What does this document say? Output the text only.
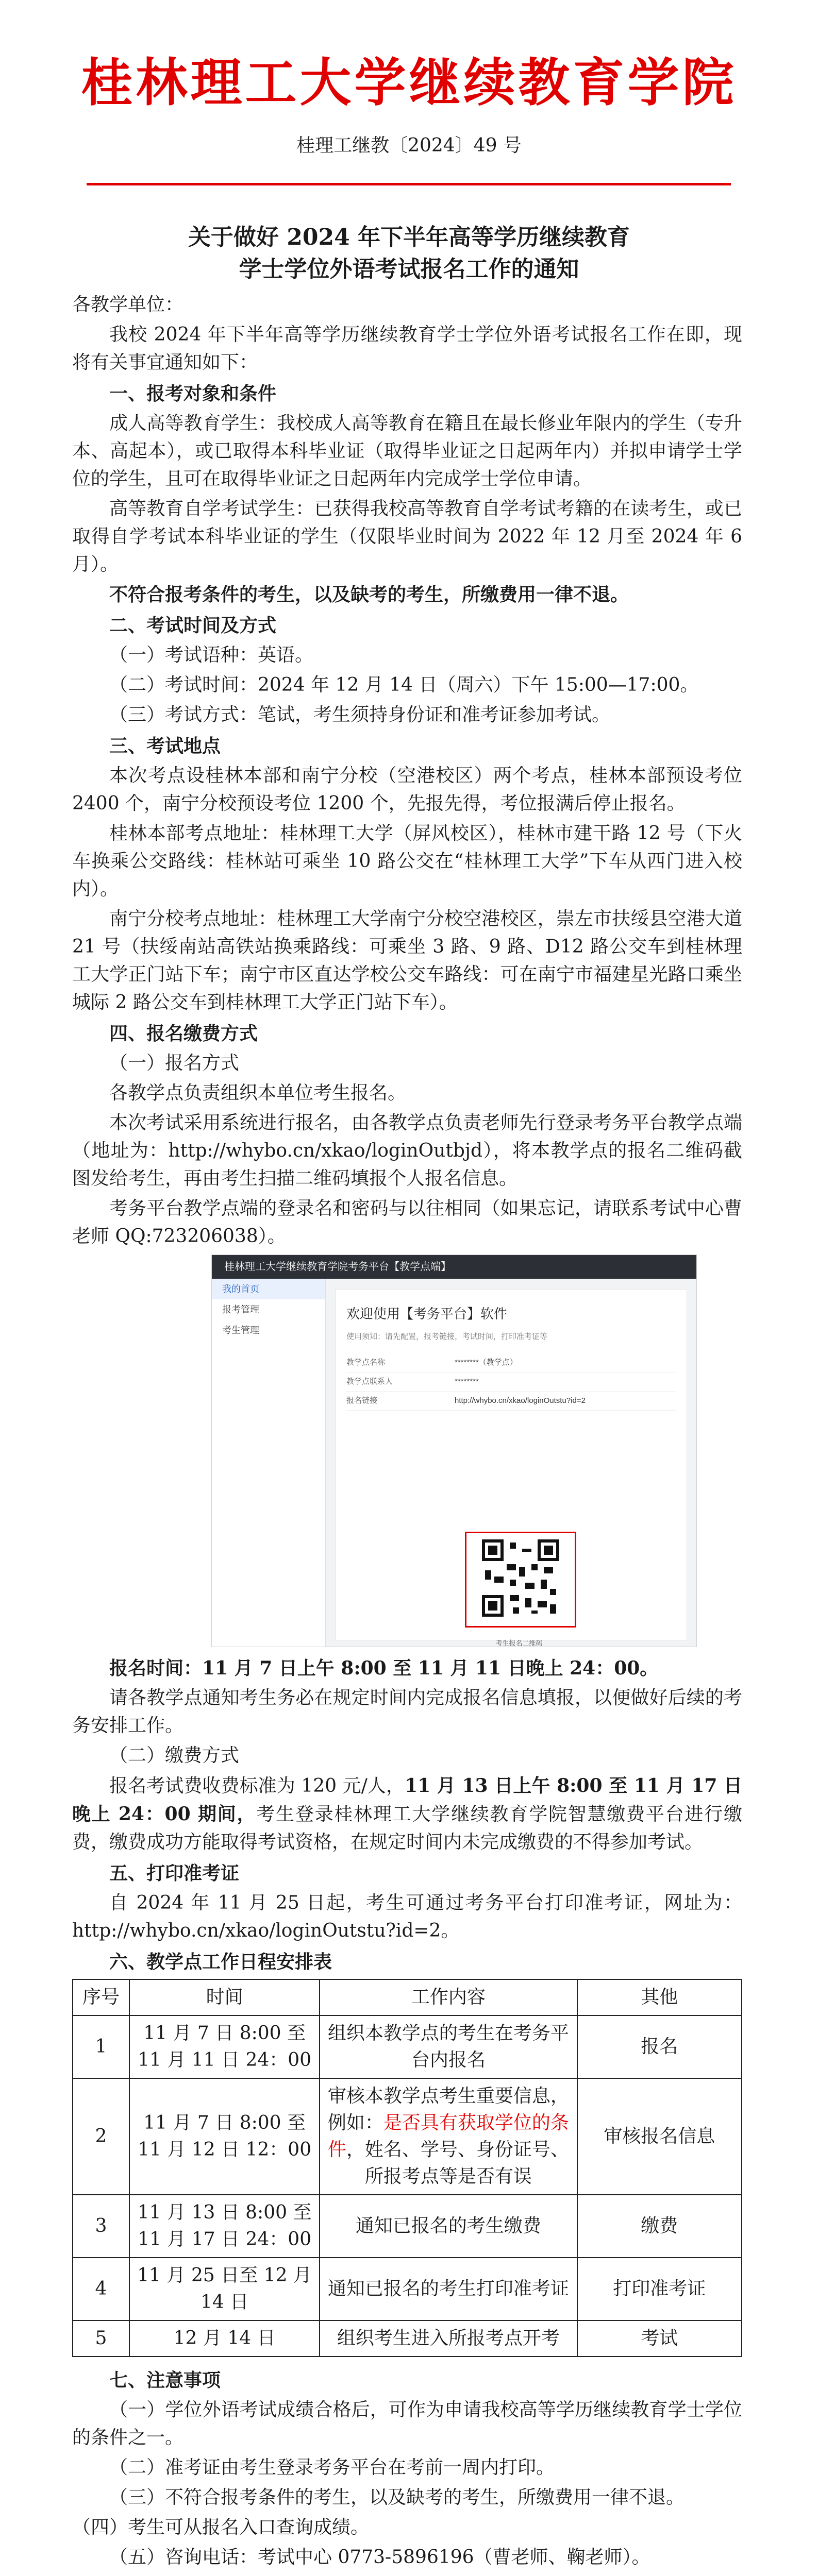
桂林理工大学继续教育学院
桂理工继教〔2024〕49 号
关于做好 2024 年下半年高等学历继续教育
学士学位外语考试报名工作的通知

各教学单位：

我校 2024 年下半年高等学历继续教育学士学位外语考试报名工作在即，现将有关事宜通知如下：

一、报考对象和条件

成人高等教育学生：我校成人高等教育在籍且在最长修业年限内的学生（专升本、高起本），或已取得本科毕业证（取得毕业证之日起两年内）并拟申请学士学位的学生，且可在取得毕业证之日起两年内完成学士学位申请。

高等教育自学考试学生：已获得我校高等教育自学考试考籍的在读考生，或已取得自学考试本科毕业证的学生（仅限毕业时间为 2022 年 12 月至 2024 年 6 月）。

不符合报考条件的考生，以及缺考的考生，所缴费用一律不退。

二、考试时间及方式

（一）考试语种：英语。

（二）考试时间：2024 年 12 月 14 日（周六）下午 15:00—17:00。

（三）考试方式：笔试，考生须持身份证和准考证参加考试。

三、考试地点

本次考点设桂林本部和南宁分校（空港校区）两个考点，桂林本部预设考位 2400 个，南宁分校预设考位 1200 个，先报先得，考位报满后停止报名。

桂林本部考点地址：桂林理工大学（屏风校区），桂林市建干路 12 号（下火车换乘公交路线：桂林站可乘坐 10 路公交在“桂林理工大学”下车从西门进入校内）。

南宁分校考点地址：桂林理工大学南宁分校空港校区，崇左市扶绥县空港大道 21 号（扶绥南站高铁站换乘路线：可乘坐 3 路、9 路、D12 路公交车到桂林理工大学正门站下车；南宁市区直达学校公交车路线：可在南宁市福建星光路口乘坐城际 2 路公交车到桂林理工大学正门站下车）。

四、报名缴费方式

（一）报名方式

各教学点负责组织本单位考生报名。

本次考试采用系统进行报名，由各教学点负责老师先行登录考务平台教学点端（地址为：http://whybo.cn/xkao/loginOutbjd），将本教学点的报名二维码截图发给考生，再由考生扫描二维码填报个人报名信息。

考务平台教学点端的登录名和密码与以往相同（如果忘记，请联系考试中心曹老师 QQ:723206038）。

桂林理工大学继续教育学院考务平台【教学点端】
我的首页
报考管理
考生管理
欢迎使用【考务平台】软件
使用须知：请先配置，报考链接，考试时间，打印准考证等
教学点名称	********（教学点）
教学点联系人	********
报名链接	http://whybo.cn/xkao/loginOutstu?id=2
考生报名二维码

报名时间：11 月 7 日上午 8:00 至 11 月 11 日晚上 24：00。

请各教学点通知考生务必在规定时间内完成报名信息填报，以便做好后续的考务安排工作。

（二）缴费方式

报名考试费收费标准为 120 元/人，11 月 13 日上午 8:00 至 11 月 17 日晚上 24：00 期间，考生登录桂林理工大学继续教育学院智慧缴费平台进行缴费，缴费成功方能取得考试资格，在规定时间内未完成缴费的不得参加考试。

五、打印准考证

自 2024 年 11 月 25 日起，考生可通过考务平台打印准考证，网址为：http://whybo.cn/xkao/loginOutstu?id=2。

六、教学点工作日程安排表
序号	时间	工作内容	其他
1	11 月 7 日 8:00 至 11 月 11 日 24：00	组织本教学点的考生在考务平台内报名	报名
2	11 月 7 日 8:00 至 11 月 12 日 12：00	审核本教学点考生重要信息，例如：是否具有获取学位的条件，姓名、学号、身份证号、所报考点等是否有误	审核报名信息
3	11 月 13 日 8:00 至 11 月 17 日 24：00	通知已报名的考生缴费	缴费
4	11 月 25 日至 12 月 14 日	通知已报名的考生打印准考证	打印准考证
5	12 月 14 日	组织考生进入所报考点开考	考试
七、注意事项

（一）学位外语考试成绩合格后，可作为申请我校高等学历继续教育学士学位的条件之一。

（二）准考证由考生登录考务平台在考前一周内打印。

（三）不符合报考条件的考生，以及缺考的考生，所缴费用一律不退。

（四）考生可从报名入口查询成绩。

（五）咨询电话：考试中心 0773-5896196（曹老师、鞠老师）。
